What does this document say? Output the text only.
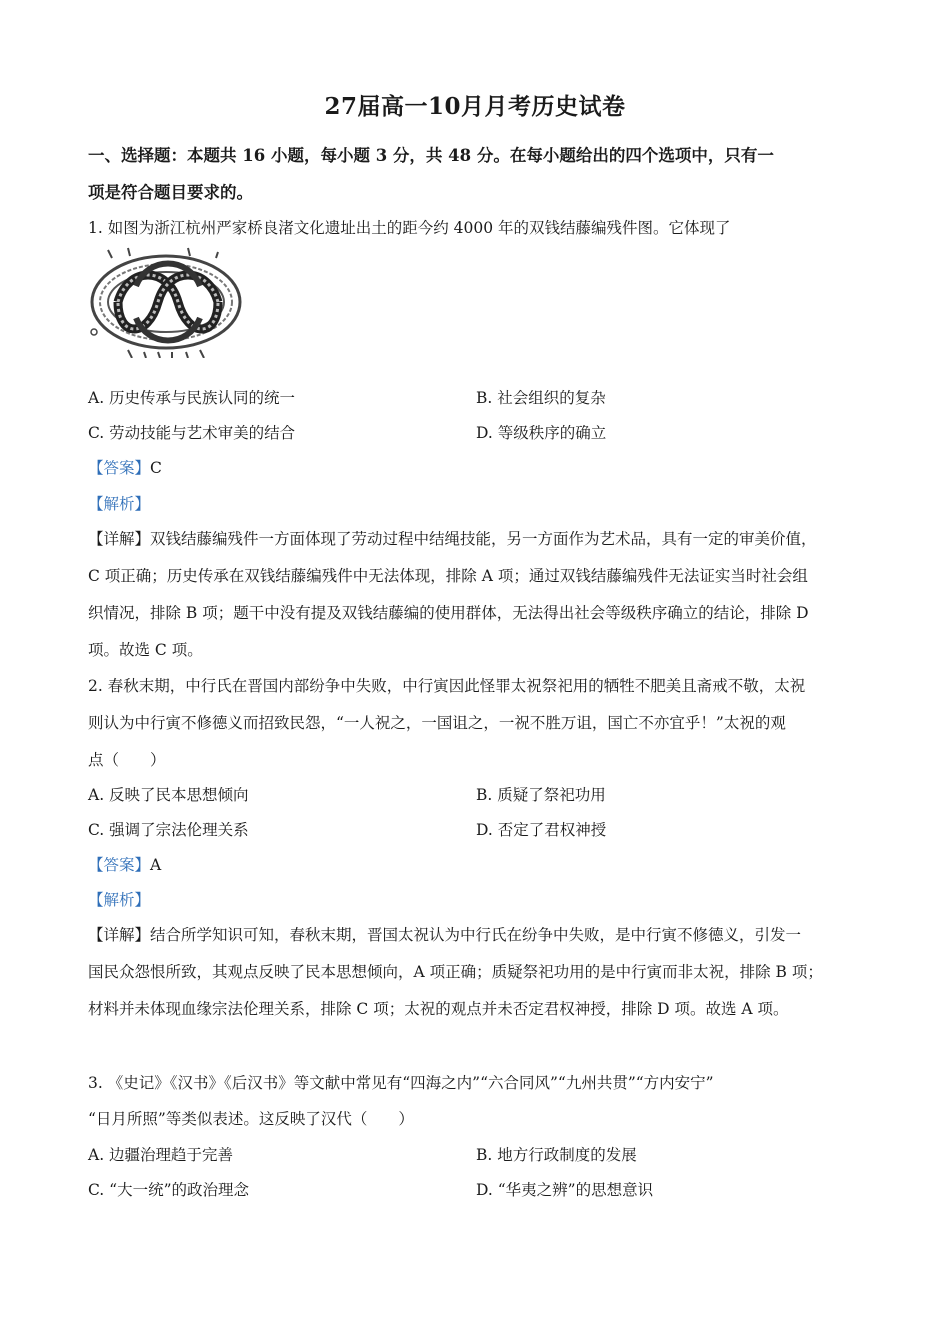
27届高一10月月考历史试卷
一、选择题：本题共 16 小题，每小题 3 分，共 48 分。在每小题给出的四个选项中，只有一
项是符合题目要求的。
1. 如图为浙江杭州严家桥良渚文化遗址出土的距今约 4000 年的双钱结藤编残件图。它体现了
A. 历史传承与民族认同的统一	B. 社会组织的复杂
C. 劳动技能与艺术审美的结合	D. 等级秩序的确立
【答案】C
【解析】
【详解】双钱结藤编残件一方面体现了劳动过程中结绳技能，另一方面作为艺术品，具有一定的审美价值，
C 项正确；历史传承在双钱结藤编残件中无法体现，排除 A 项；通过双钱结藤编残件无法证实当时社会组
织情况，排除 B 项；题干中没有提及双钱结藤编的使用群体，无法得出社会等级秩序确立的结论，排除 D
项。故选 C 项。
2. 春秋末期，中行氏在晋国内部纷争中失败，中行寅因此怪罪太祝祭祀用的牺牲不肥美且斋戒不敬，太祝
则认为中行寅不修德义而招致民怨，“一人祝之，一国诅之，一祝不胜万诅，国亡不亦宜乎！”太祝的观
点（　　）
A. 反映了民本思想倾向	B. 质疑了祭祀功用
C. 强调了宗法伦理关系	D. 否定了君权神授
【答案】A
【解析】
【详解】结合所学知识可知，春秋末期，晋国太祝认为中行氏在纷争中失败，是中行寅不修德义，引发一
国民众怨恨所致，其观点反映了民本思想倾向，A 项正确；质疑祭祀功用的是中行寅而非太祝，排除 B 项；
材料并未体现血缘宗法伦理关系，排除 C 项；太祝的观点并未否定君权神授，排除 D 项。故选 A 项。
3. 《史记》《汉书》《后汉书》等文献中常见有“四海之内”“六合同风”“九州共贯”“方内安宁”
“日月所照”等类似表述。这反映了汉代（　　）
A. 边疆治理趋于完善	B. 地方行政制度的发展
C. “大一统”的政治理念	D. “华夷之辨”的思想意识
